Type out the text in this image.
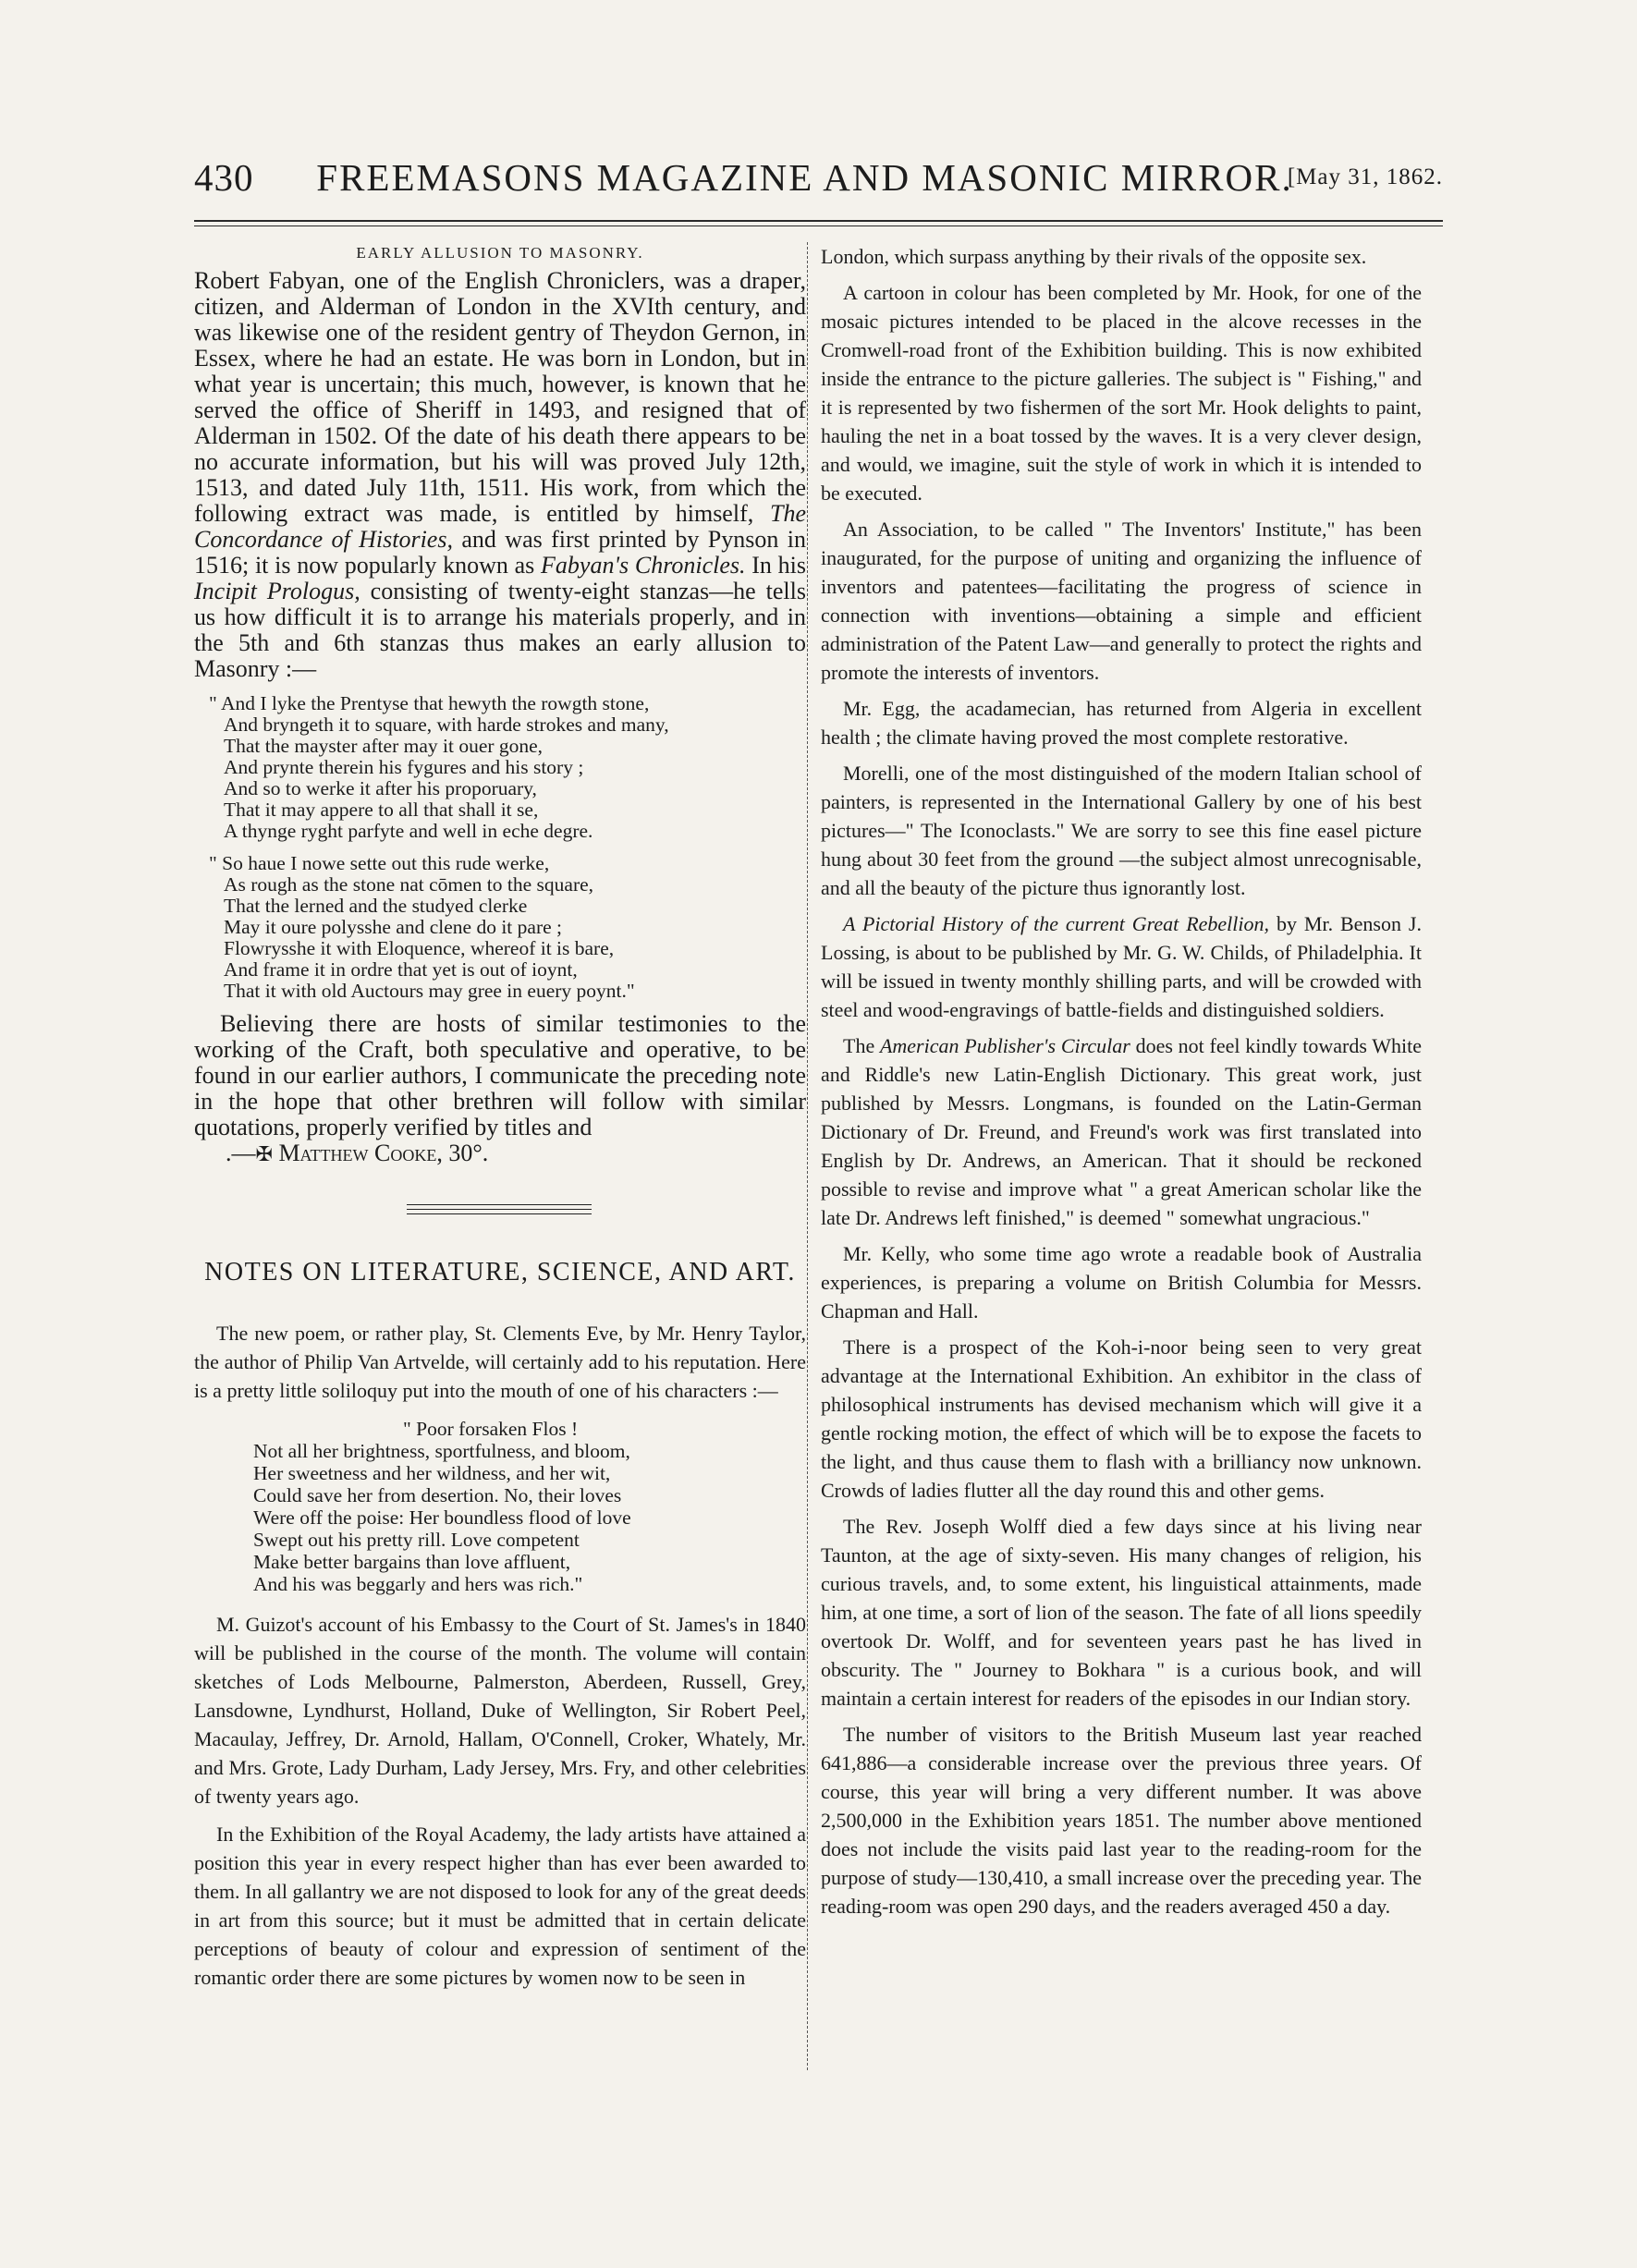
430	FREEMASONS MAGAZINE AND MASONIC MIRROR.
[May 31, 1862.
EARLY ALLUSION TO MASONRY.

Robert Fabyan, one of the English Chroniclers, was a draper, citizen, and Alderman of London in the XVIth century, and was likewise one of the resident gentry of Theydon Gernon, in Essex, where he had an estate. He was born in London, but in what year is uncertain; this much, however, is known that he served the office of Sheriff in 1493, and resigned that of Alderman in 1502. Of the date of his death there appears to be no accurate information, but his will was proved July 12th, 1513, and dated July 11th, 1511. His work, from which the following extract was made, is entitled by himself, The Concordance of Histories, and was first printed by Pynson in 1516; it is now popularly known as Fabyan's Chronicles. In his Incipit Prologus, consisting of twenty-eight stanzas—he tells us how difficult it is to arrange his materials properly, and in the 5th and 6th stanzas thus makes an early allusion to Masonry :—

" And I lyke the Prentyse that hewyth the rowgth stone,
And bryngeth it to square, with harde strokes and many,
That the mayster after may it ouer gone,
And prynte therein his fygures and his story ;
And so to werke it after his proporuary,
That it may appere to all that shall it se,
A thynge ryght parfyte and well in eche degre.
" So haue I nowe sette out this rude werke,
As rough as the stone nat cōmen to the square,
That the lerned and the studyed clerke
May it oure polysshe and clene do it pare ;
Flowrysshe it with Eloquence, whereof it is bare,
And frame it in ordre that yet is out of ioynt,
That it with old Auctours may gree in euery poynt."

Believing there are hosts of similar testimonies to the working of the Craft, both speculative and operative, to be found in our earlier authors, I communicate the preceding note in the hope that other brethren will follow with similar quotations, properly verified by titles and

.—✠ Matthew Cooke, 30°.
NOTES ON LITERATURE, SCIENCE, AND ART.

The new poem, or rather play, St. Clements Eve, by Mr. Henry Taylor, the author of Philip Van Artvelde, will certainly add to his reputation. Here is a pretty little soliloquy put into the mouth of one of his characters :—

" Poor forsaken Flos !
Not all her brightness, sportfulness, and bloom,
Her sweetness and her wildness, and her wit,
Could save her from desertion. No, their loves
Were off the poise: Her boundless flood of love
Swept out his pretty rill. Love competent
Make better bargains than love affluent,
And his was beggarly and hers was rich."

M. Guizot's account of his Embassy to the Court of St. James's in 1840 will be published in the course of the month. The volume will contain sketches of Lods Melbourne, Palmerston, Aberdeen, Russell, Grey, Lansdowne, Lyndhurst, Holland, Duke of Wellington, Sir Robert Peel, Macaulay, Jeffrey, Dr. Arnold, Hallam, O'Connell, Croker, Whately, Mr. and Mrs. Grote, Lady Durham, Lady Jersey, Mrs. Fry, and other celebrities of twenty years ago.

In the Exhibition of the Royal Academy, the lady artists have attained a position this year in every respect higher than has ever been awarded to them. In all gallantry we are not disposed to look for any of the great deeds in art from this source; but it must be admitted that in certain delicate perceptions of beauty of colour and expression of sentiment of the romantic order there are some pictures by women now to be seen in

London, which surpass anything by their rivals of the opposite sex.

A cartoon in colour has been completed by Mr. Hook, for one of the mosaic pictures intended to be placed in the alcove recesses in the Cromwell-road front of the Exhibition building. This is now exhibited inside the entrance to the picture galleries. The subject is " Fishing," and it is represented by two fishermen of the sort Mr. Hook delights to paint, hauling the net in a boat tossed by the waves. It is a very clever design, and would, we imagine, suit the style of work in which it is intended to be executed.

An Association, to be called " The Inventors' Institute," has been inaugurated, for the purpose of uniting and organizing the influence of inventors and patentees—facilitating the progress of science in connection with inventions—obtaining a simple and efficient administration of the Patent Law—and generally to protect the rights and promote the interests of inventors.

Mr. Egg, the acadamecian, has returned from Algeria in excellent health ; the climate having proved the most complete restorative.

Morelli, one of the most distinguished of the modern Italian school of painters, is represented in the International Gallery by one of his best pictures—" The Iconoclasts." We are sorry to see this fine easel picture hung about 30 feet from the ground —the subject almost unrecognisable, and all the beauty of the picture thus ignorantly lost.

A Pictorial History of the current Great Rebellion, by Mr. Benson J. Lossing, is about to be published by Mr. G. W. Childs, of Philadelphia. It will be issued in twenty monthly shilling parts, and will be crowded with steel and wood-engravings of battle-fields and distinguished soldiers.

The American Publisher's Circular does not feel kindly towards White and Riddle's new Latin-English Dictionary. This great work, just published by Messrs. Longmans, is founded on the Latin-German Dictionary of Dr. Freund, and Freund's work was first translated into English by Dr. Andrews, an American. That it should be reckoned possible to revise and improve what " a great American scholar like the late Dr. Andrews left finished," is deemed " somewhat ungracious."

Mr. Kelly, who some time ago wrote a readable book of Australia experiences, is preparing a volume on British Columbia for Messrs. Chapman and Hall.

There is a prospect of the Koh-i-noor being seen to very great advantage at the International Exhibition. An exhibitor in the class of philosophical instruments has devised mechanism which will give it a gentle rocking motion, the effect of which will be to expose the facets to the light, and thus cause them to flash with a brilliancy now unknown. Crowds of ladies flutter all the day round this and other gems.

The Rev. Joseph Wolff died a few days since at his living near Taunton, at the age of sixty-seven. His many changes of religion, his curious travels, and, to some extent, his linguistical attainments, made him, at one time, a sort of lion of the season. The fate of all lions speedily overtook Dr. Wolff, and for seventeen years past he has lived in obscurity. The " Journey to Bokhara " is a curious book, and will maintain a certain interest for readers of the episodes in our Indian story.

The number of visitors to the British Museum last year reached 641,886—a considerable increase over the previous three years. Of course, this year will bring a very different number. It was above 2,500,000 in the Exhibition years 1851. The number above mentioned does not include the visits paid last year to the reading-room for the purpose of study—130,410, a small increase over the preceding year. The reading-room was open 290 days, and the readers averaged 450 a day.
